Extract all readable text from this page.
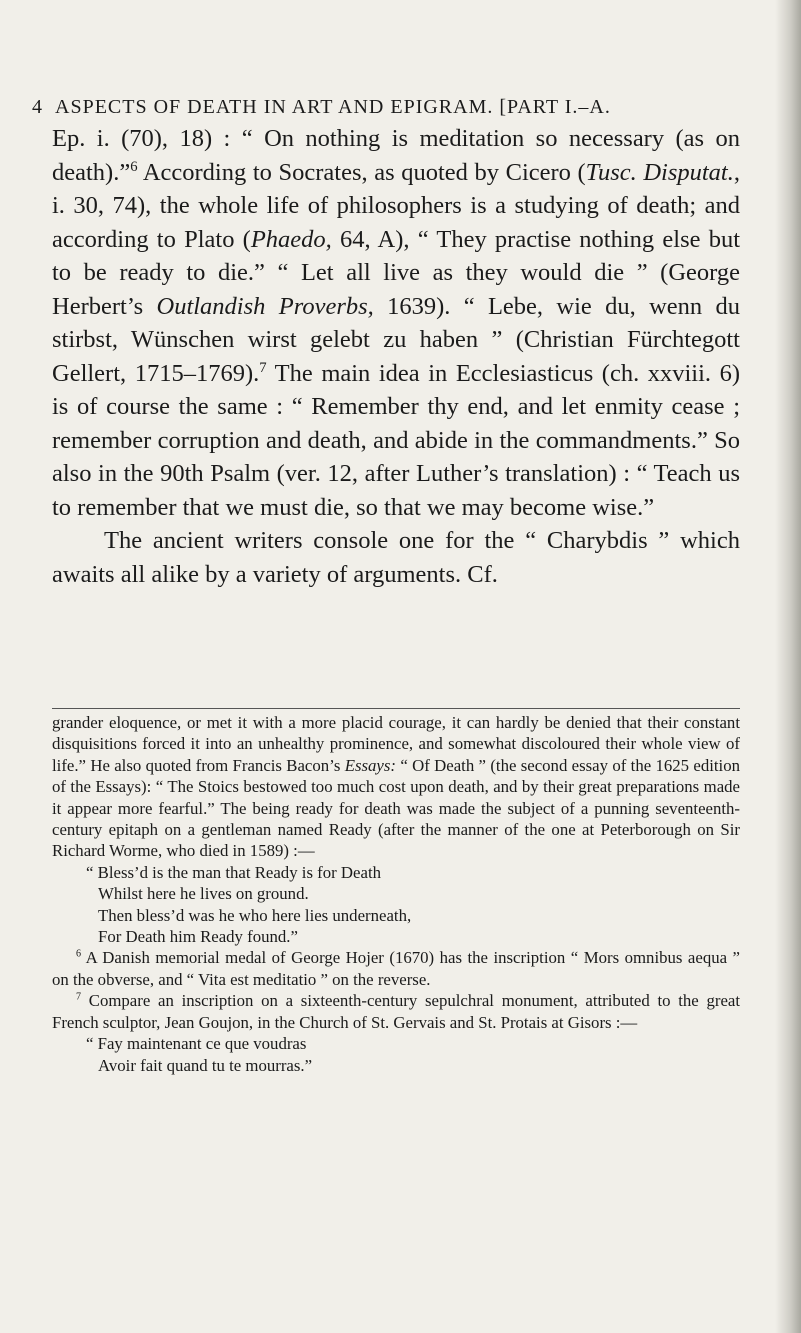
4 ASPECTS OF DEATH IN ART AND EPIGRAM. [PART I.–A.

Ep. i. (70), 18) : “ On nothing is meditation so necessary (as on death).”$^6$ According to Socrates, as quoted by Cicero (Tusc. Disputat., i. 30, 74), the whole life of philosophers is a studying of death; and according to Plato (Phaedo, 64, A), “ They practise nothing else but to be ready to die.” “ Let all live as they would die ” (George Herbert’s Outlandish Proverbs, 1639). “ Lebe, wie du, wenn du stirbst, Wünschen wirst gelebt zu haben ” (Christian Fürchtegott Gellert, 1715–1769).$^7$ The main idea in Ecclesiasticus (ch. xxviii. 6) is of course the same : “ Remember thy end, and let enmity cease ; remember corruption and death, and abide in the commandments.” So also in the 90th Psalm (ver. 12, after Luther’s translation) : “ Teach us to remember that we must die, so that we may become wise.”

The ancient writers console one for the “ Charybdis ” which awaits all alike by a variety of arguments. Cf.

grander eloquence, or met it with a more placid courage, it can hardly be denied that their constant disquisitions forced it into an unhealthy prominence, and somewhat discoloured their whole view of life.” He also quoted from Francis Bacon’s Essays: “ Of Death ” (the second essay of the 1625 edition of the Essays): “ The Stoics bestowed too much cost upon death, and by their great preparations made it appear more fearful.” The being ready for death was made the subject of a punning seventeenth-century epitaph on a gentleman named Ready (after the manner of the one at Peterborough on Sir Richard Worme, who died in 1589) :—

“ Bless’d is the man that Ready is for Death
Whilst here he lives on ground.
Then bless’d was he who here lies underneath,
For Death him Ready found.”

$^6$ A Danish memorial medal of George Hojer (1670) has the inscription “ Mors omnibus aequa ” on the obverse, and “ Vita est meditatio ” on the reverse.

$^7$ Compare an inscription on a sixteenth-century sepulchral monument, attributed to the great French sculptor, Jean Goujon, in the Church of St. Gervais and St. Protais at Gisors :—

“ Fay maintenant ce que voudras
Avoir fait quand tu te mourras.”
